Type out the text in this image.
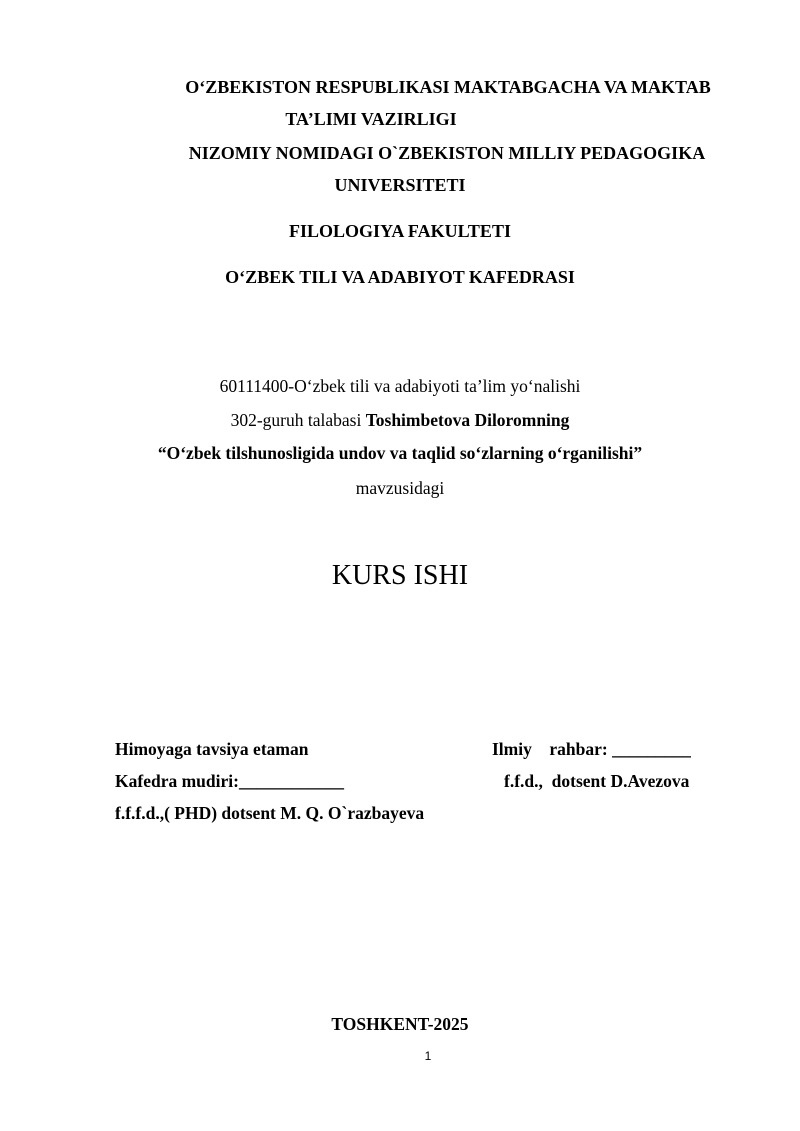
O‘ZBEKISTON RESPUBLIKASI MAKTABGACHA VA MAKTAB
TA’LIMI VAZIRLIGI
NIZOMIY NOMIDAGI O`ZBEKISTON MILLIY PEDAGOGIKA
UNIVERSITETI
FILOLOGIYA FAKULTETI
O‘ZBEK TILI VA ADABIYOT KAFEDRASI
60111400-O‘zbek tili va adabiyoti ta’lim yo‘nalishi
302-guruh talabasi Toshimbetova Diloromning
“O‘zbek tilshunosligida undov va taqlid so‘zlarning o‘rganilishi”
mavzusidagi
KURS ISHI
Himoyaga tavsiya etaman
Kafedra mudiri:____________
f.f.f.d.,( PHD) dotsent M. Q. O`razbayeva
Ilmiy    rahbar: _________
f.f.d.,  dotsent D.Avezova
TOSHKENT-2025
1
